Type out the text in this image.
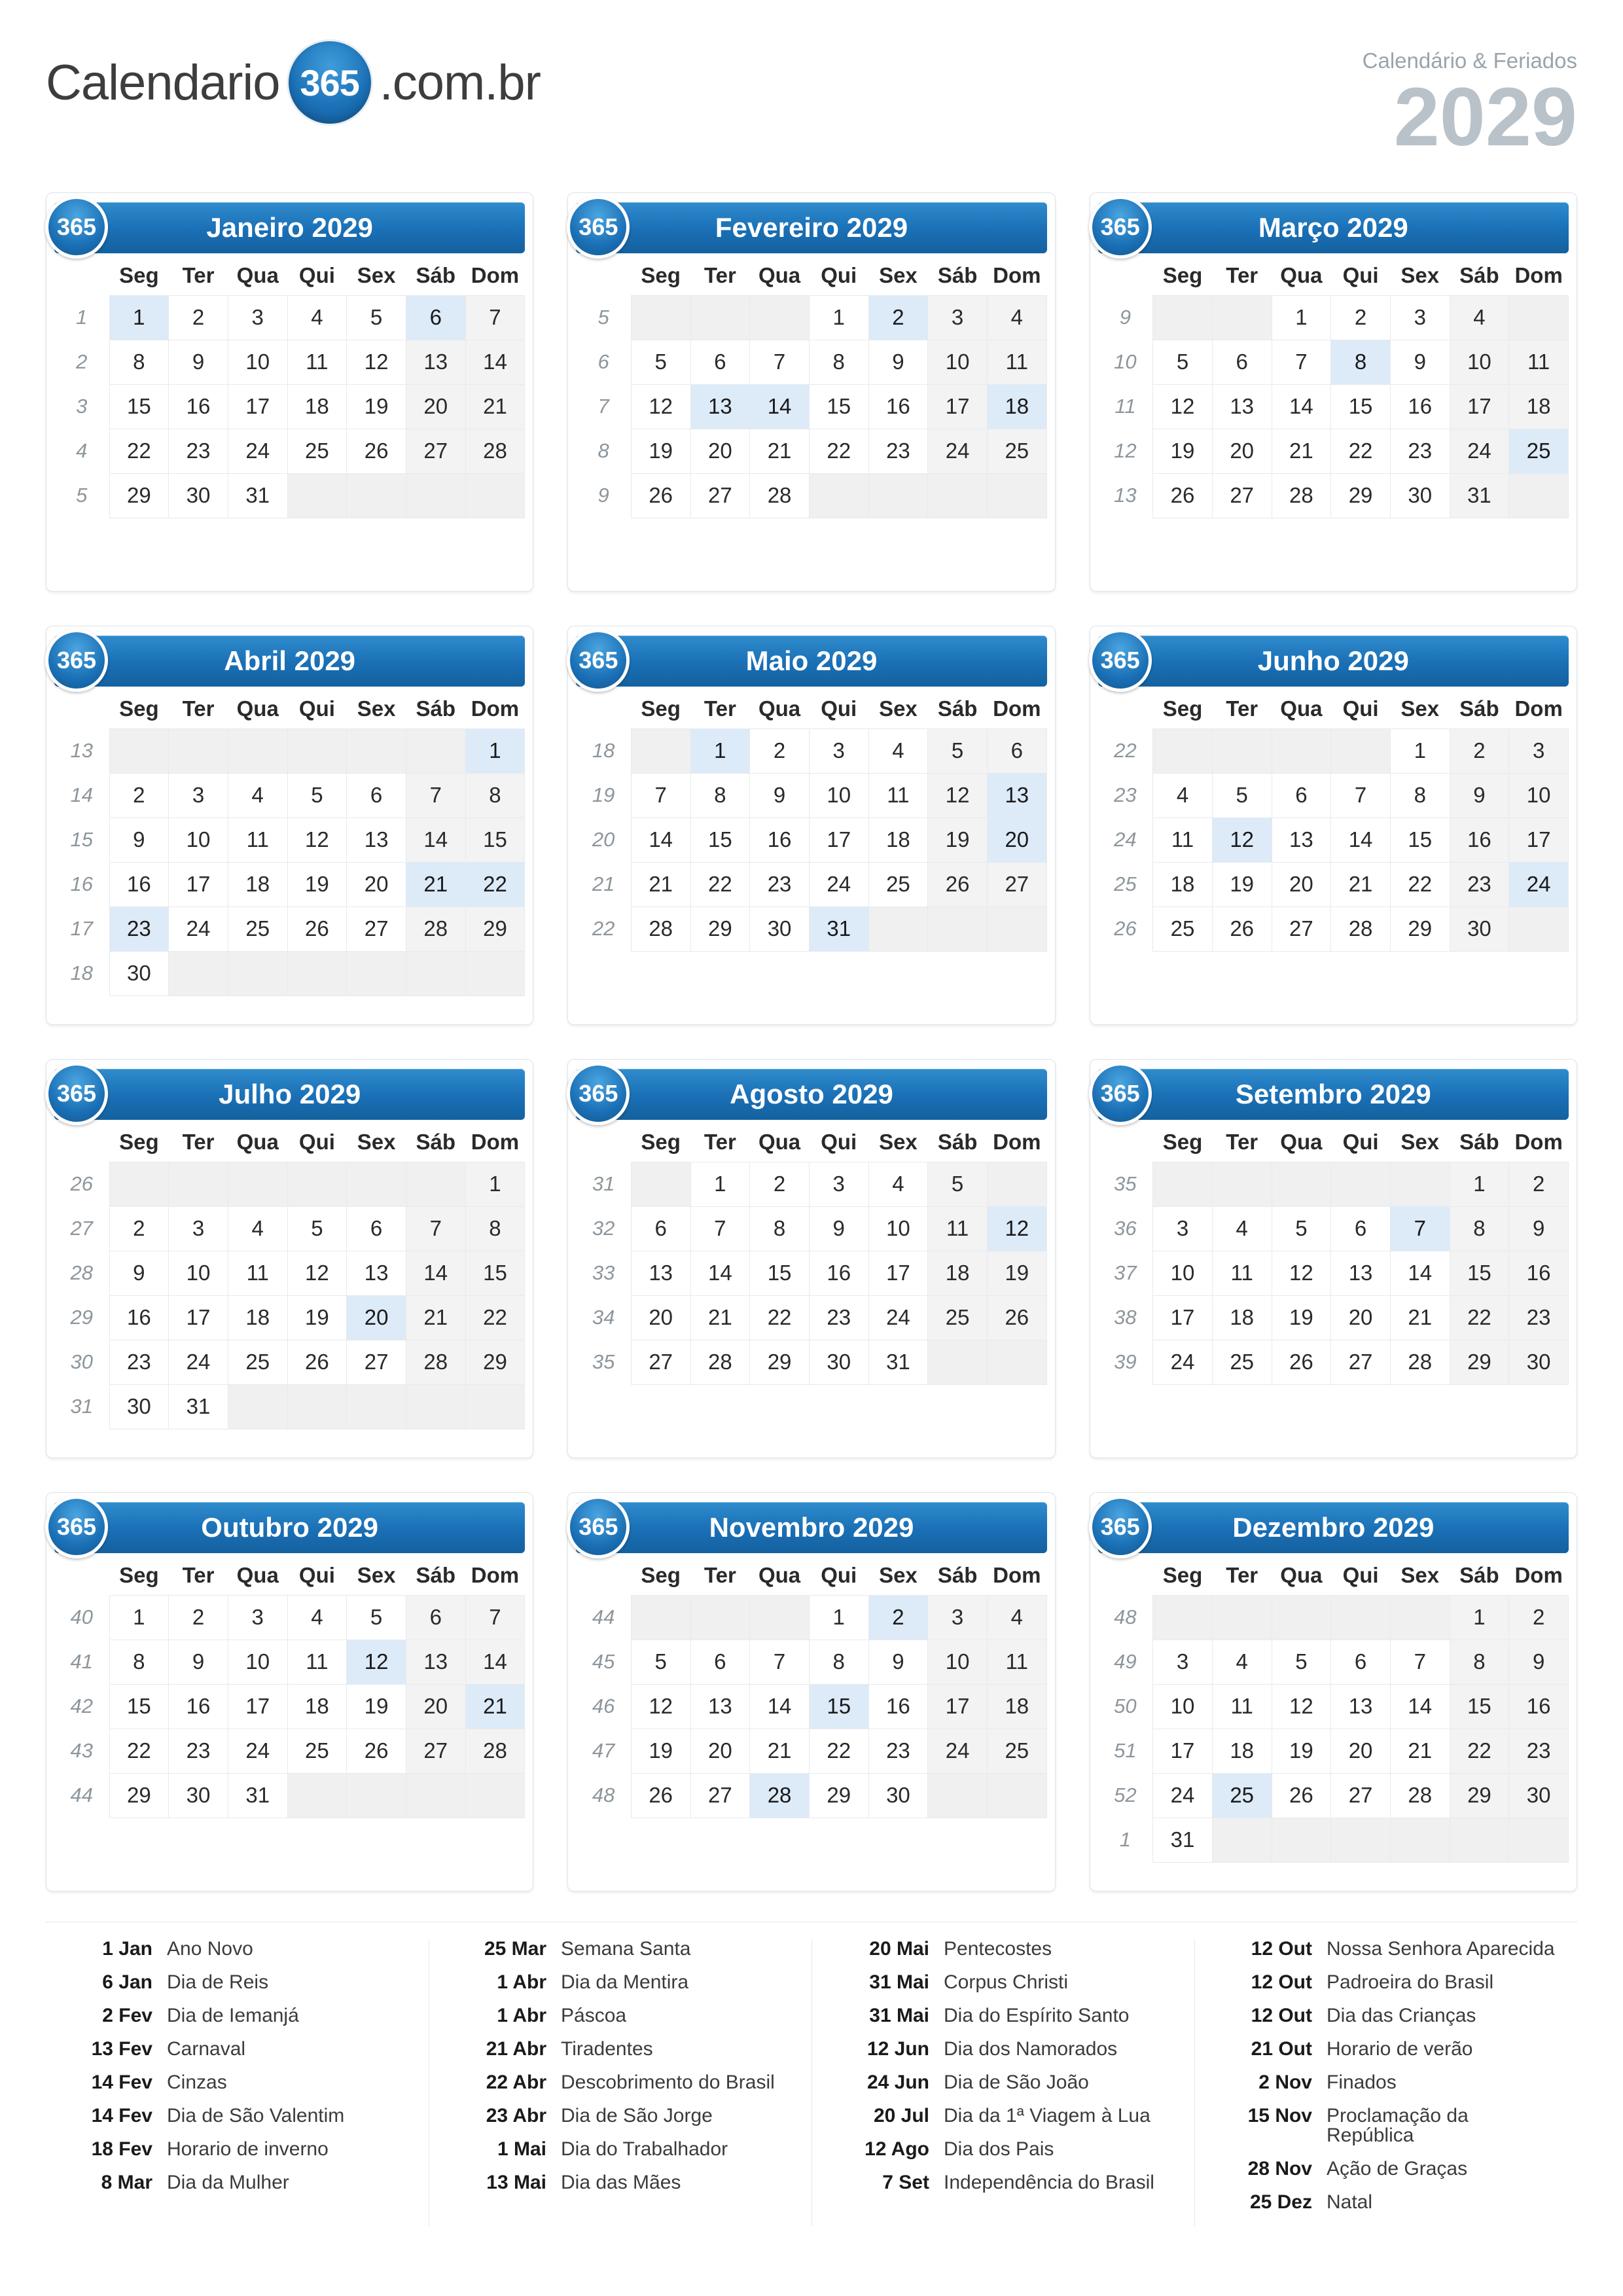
Calendario 365 .com.br	Calendário & Feriados
2029
365	Janeiro 2029
	Seg	Ter	Qua	Qui	Sex	Sáb	Dom
1	1	2	3	4	5	6	7
2	8	9	10	11	12	13	14
3	15	16	17	18	19	20	21
4	22	23	24	25	26	27	28
5	29	30	31				
365	Fevereiro 2029
	Seg	Ter	Qua	Qui	Sex	Sáb	Dom
5				1	2	3	4
6	5	6	7	8	9	10	11
7	12	13	14	15	16	17	18
8	19	20	21	22	23	24	25
9	26	27	28				
365	Março 2029
	Seg	Ter	Qua	Qui	Sex	Sáb	Dom
9			1	2	3	4	
10	5	6	7	8	9	10	11
11	12	13	14	15	16	17	18
12	19	20	21	22	23	24	25
13	26	27	28	29	30	31	
365	Abril 2029
	Seg	Ter	Qua	Qui	Sex	Sáb	Dom
13							1
14	2	3	4	5	6	7	8
15	9	10	11	12	13	14	15
16	16	17	18	19	20	21	22
17	23	24	25	26	27	28	29
18	30						
365	Maio 2029
	Seg	Ter	Qua	Qui	Sex	Sáb	Dom
18		1	2	3	4	5	6
19	7	8	9	10	11	12	13
20	14	15	16	17	18	19	20
21	21	22	23	24	25	26	27
22	28	29	30	31			
365	Junho 2029
	Seg	Ter	Qua	Qui	Sex	Sáb	Dom
22					1	2	3
23	4	5	6	7	8	9	10
24	11	12	13	14	15	16	17
25	18	19	20	21	22	23	24
26	25	26	27	28	29	30	
365	Julho 2029
	Seg	Ter	Qua	Qui	Sex	Sáb	Dom
26							1
27	2	3	4	5	6	7	8
28	9	10	11	12	13	14	15
29	16	17	18	19	20	21	22
30	23	24	25	26	27	28	29
31	30	31					
365	Agosto 2029
	Seg	Ter	Qua	Qui	Sex	Sáb	Dom
31		1	2	3	4	5	
32	6	7	8	9	10	11	12
33	13	14	15	16	17	18	19
34	20	21	22	23	24	25	26
35	27	28	29	30	31		
365	Setembro 2029
	Seg	Ter	Qua	Qui	Sex	Sáb	Dom
35						1	2
36	3	4	5	6	7	8	9
37	10	11	12	13	14	15	16
38	17	18	19	20	21	22	23
39	24	25	26	27	28	29	30
365	Outubro 2029
	Seg	Ter	Qua	Qui	Sex	Sáb	Dom
40	1	2	3	4	5	6	7
41	8	9	10	11	12	13	14
42	15	16	17	18	19	20	21
43	22	23	24	25	26	27	28
44	29	30	31				
365	Novembro 2029
	Seg	Ter	Qua	Qui	Sex	Sáb	Dom
44				1	2	3	4
45	5	6	7	8	9	10	11
46	12	13	14	15	16	17	18
47	19	20	21	22	23	24	25
48	26	27	28	29	30		
365	Dezembro 2029
	Seg	Ter	Qua	Qui	Sex	Sáb	Dom
48						1	2
49	3	4	5	6	7	8	9
50	10	11	12	13	14	15	16
51	17	18	19	20	21	22	23
52	24	25	26	27	28	29	30
1	31						
1 Jan Ano Novo
6 Jan Dia de Reis
2 Fev Dia de Iemanjá
13 Fev Carnaval
14 Fev Cinzas
14 Fev Dia de São Valentim
18 Fev Horario de inverno
8 Mar Dia da Mulher
25 Mar Semana Santa
1 Abr Dia da Mentira
1 Abr Páscoa
21 Abr Tiradentes
22 Abr Descobrimento do Brasil
23 Abr Dia de São Jorge
1 Mai Dia do Trabalhador
13 Mai Dia das Mães
20 Mai Pentecostes
31 Mai Corpus Christi
31 Mai Dia do Espírito Santo
12 Jun Dia dos Namorados
24 Jun Dia de São João
20 Jul Dia da 1ª Viagem à Lua
12 Ago Dia dos Pais
7 Set Independência do Brasil
12 Out Nossa Senhora Aparecida
12 Out Padroeira do Brasil
12 Out Dia das Crianças
21 Out Horario de verão
2 Nov Finados
15 Nov Proclamação da República
28 Nov Ação de Graças
25 Dez Natal
